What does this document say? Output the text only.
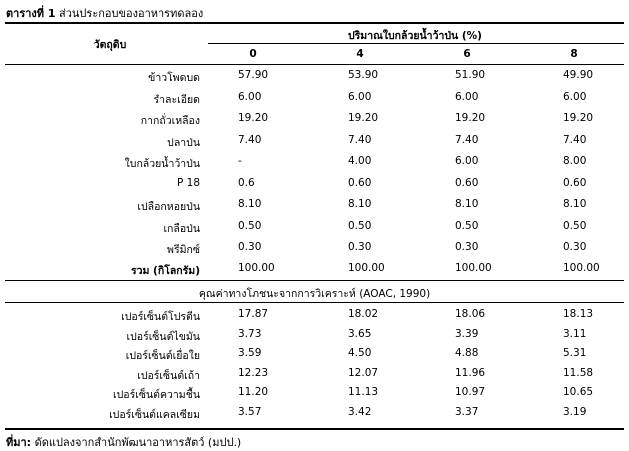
ตารางที่ 1 ส่วนประกอบของอาหารทดลอง
วัตถุดิบ
ปริมาณใบกล้วยน้ำว้าป่น (%)
0	4	6	8
ข้าวโพดบด	57.90	53.90	51.90	49.90
รำละเอียด	6.00	6.00	6.00	6.00
กากถั่วเหลือง	19.20	19.20	19.20	19.20
ปลาป่น	7.40	7.40	7.40	7.40
ใบกล้วยน้ำว้าป่น	-	4.00	6.00	8.00
P 18	0.6	0.60	0.60	0.60
เปลือกหอยป่น	8.10	8.10	8.10	8.10
เกลือป่น	0.50	0.50	0.50	0.50
พรีมิกซ์	0.30	0.30	0.30	0.30
รวม (กิโลกรัม)	100.00	100.00	100.00	100.00
คุณค่าทางโภชนะจากการวิเคราะห์ (AOAC, 1990)
เปอร์เซ็นต์โปรตีน	17.87	18.02	18.06	18.13
เปอร์เซ็นต์ไขมัน	3.73	3.65	3.39	3.11
เปอร์เซ็นต์เยื่อใย	3.59	4.50	4.88	5.31
เปอร์เซ็นต์เถ้า	12.23	12.07	11.96	11.58
เปอร์เซ็นต์ความชื้น	11.20	11.13	10.97	10.65
เปอร์เซ็นต์แคลเซียม	3.57	3.42	3.37	3.19
ที่มา: ดัดแปลงจากสำนักพัฒนาอาหารสัตว์ (มปป.)
